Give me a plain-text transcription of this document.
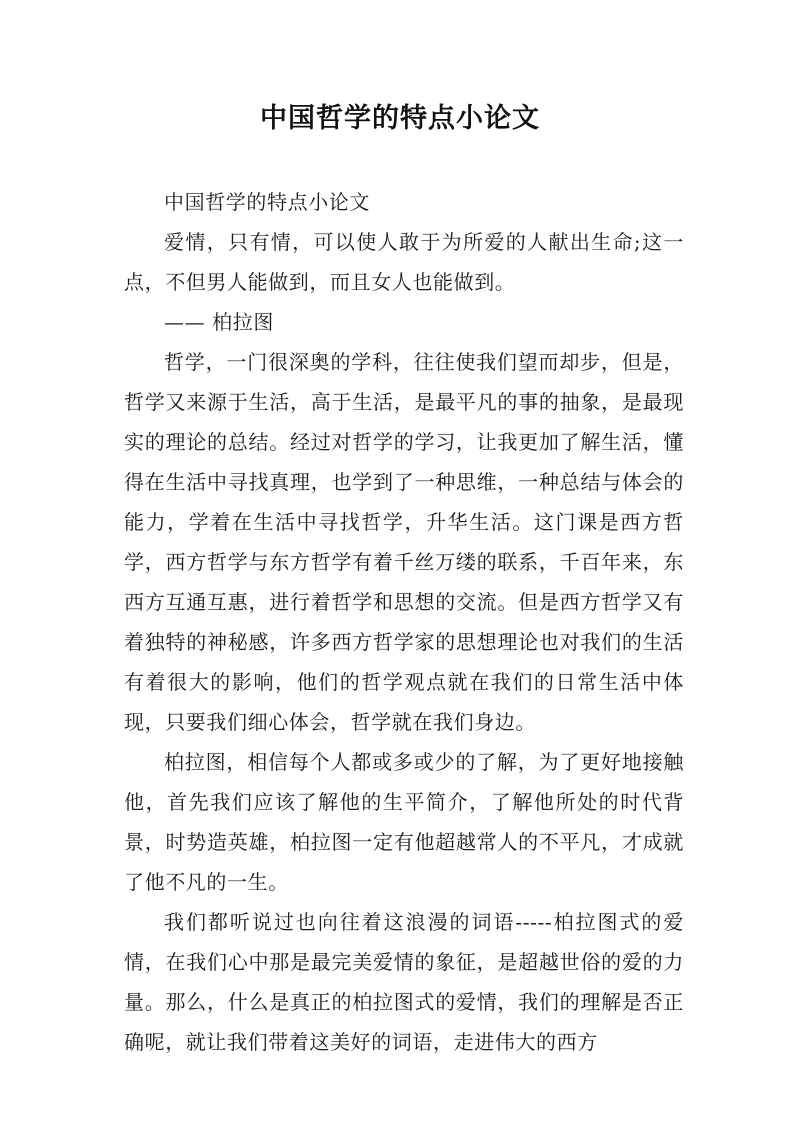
中国哲学的特点小论文

中国哲学的特点小论文

爱情，只有情，可以使人敢于为所爱的人献出生命;这一点，不但男人能做到，而且女人也能做到。

—— 柏拉图

哲学，一门很深奥的学科，往往使我们望而却步，但是，哲学又来源于生活，高于生活，是最平凡的事的抽象，是最现实的理论的总结。经过对哲学的学习，让我更加了解生活，懂得在生活中寻找真理，也学到了一种思维，一种总结与体会的能力，学着在生活中寻找哲学，升华生活。这门课是西方哲学，西方哲学与东方哲学有着千丝万缕的联系，千百年来，东西方互通互惠，进行着哲学和思想的交流。但是西方哲学又有着独特的神秘感，许多西方哲学家的思想理论也对我们的生活有着很大的影响，他们的哲学观点就在我们的日常生活中体现，只要我们细心体会，哲学就在我们身边。

柏拉图，相信每个人都或多或少的了解，为了更好地接触他，首先我们应该了解他的生平简介，了解他所处的时代背景，时势造英雄，柏拉图一定有他超越常人的不平凡，才成就了他不凡的一生。

我们都听说过也向往着这浪漫的词语-----柏拉图式的爱情，在我们心中那是最完美爱情的象征，是超越世俗的爱的力量。那么，什么是真正的柏拉图式的爱情，我们的理解是否正确呢，就让我们带着这美好的词语，走进伟大的西方
